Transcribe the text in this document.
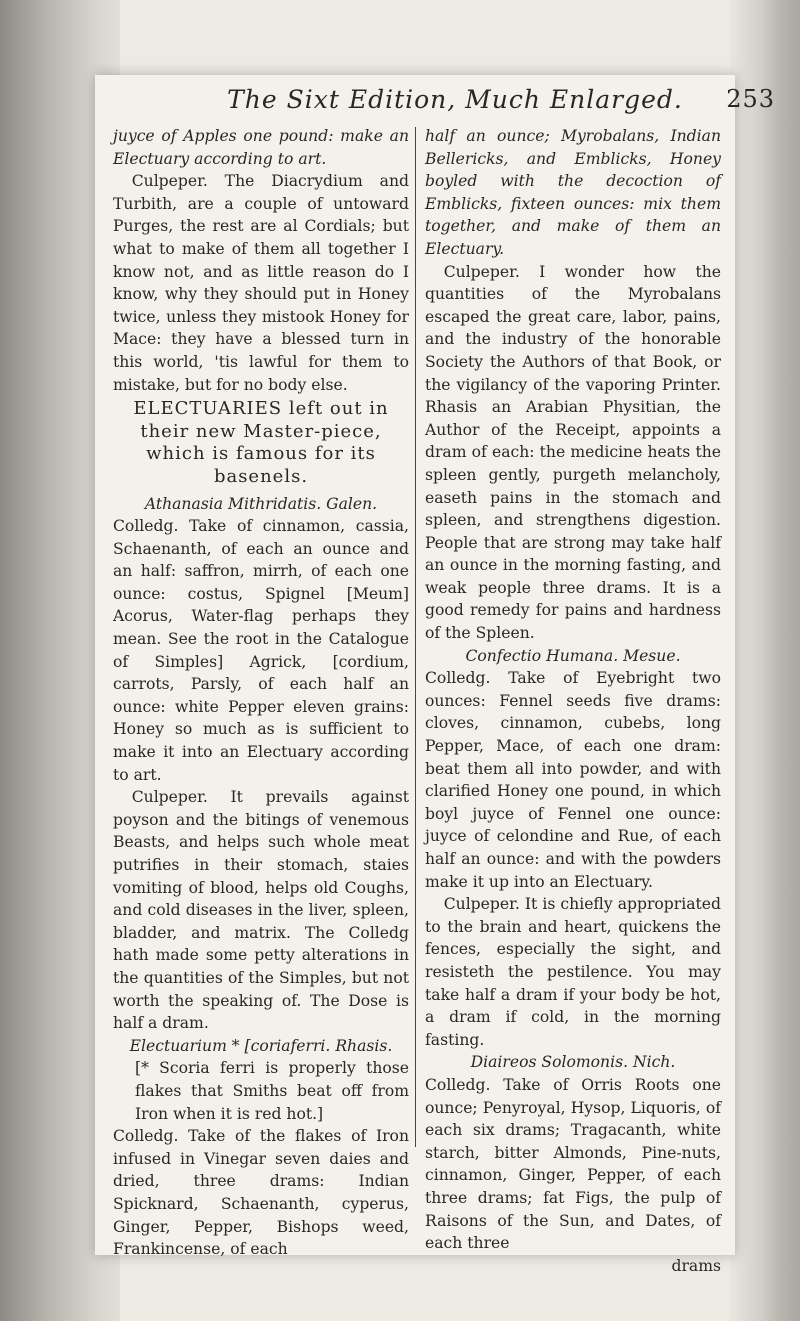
The Sixt Edition, Much Enlarged.	253

juyce of Apples one pound: make an Electuary according to art.

Culpeper. The Diacrydium and Turbith, are a couple of untoward Purges, the rest are al Cordials; but what to make of them all together I know not, and as little reason do I know, why they should put in Honey twice, unless they mistook Honey for Mace: they have a blessed turn in this world, 'tis lawful for them to mistake, but for no body else.

ELECTUARIES left out in their new Master-piece, which is famous for its basenels.

Athanasia Mithridatis. Galen.

Colledg. Take of cinnamon, cassia, Schaenanth, of each an ounce and an half: saffron, mirrh, of each one ounce: costus, Spignel [Meum] Acorus, Water-flag perhaps they mean. See the root in the Catalogue of Simples] Agrick, [cordium, carrots, Parsly, of each half an ounce: white Pepper eleven grains: Honey so much as is sufficient to make it into an Electuary according to art.

Culpeper. It prevails against poyson and the bitings of venemous Beasts, and helps such whole meat putrifies in their stomach, staies vomiting of blood, helps old Coughs, and cold diseases in the liver, spleen, bladder, and matrix. The Colledg hath made some petty alterations in the quantities of the Simples, but not worth the speaking of. The Dose is half a dram.

Electuarium * [coriaferri. Rhasis.

[* Scoria ferri is properly those flakes that Smiths beat off from Iron when it is red hot.]

Colledg. Take of the flakes of Iron infused in Vinegar seven daies and dried, three drams: Indian Spicknard, Schaenanth, cyperus, Ginger, Pepper, Bishops weed, Frankincense, of each

half an ounce; Myrobalans, Indian Bellericks, and Emblicks, Honey boyled with the decoction of Emblicks, fixteen ounces: mix them together, and make of them an Electuary.

Culpeper. I wonder how the quantities of the Myrobalans escaped the great care, labor, pains, and the industry of the honorable Society the Authors of that Book, or the vigilancy of the vaporing Printer. Rhasis an Arabian Physitian, the Author of the Receipt, appoints a dram of each: the medicine heats the spleen gently, purgeth melancholy, easeth pains in the stomach and spleen, and strengthens digestion. People that are strong may take half an ounce in the morning fasting, and weak people three drams. It is a good remedy for pains and hardness of the Spleen.

Confectio Humana. Mesue.

Colledg. Take of Eyebright two ounces: Fennel seeds five drams: cloves, cinnamon, cubebs, long Pepper, Mace, of each one dram: beat them all into powder, and with clarified Honey one pound, in which boyl juyce of Fennel one ounce: juyce of celondine and Rue, of each half an ounce: and with the powders make it up into an Electuary.

Culpeper. It is chiefly appropriated to the brain and heart, quickens the fences, especially the sight, and resisteth the pestilence. You may take half a dram if your body be hot, a dram if cold, in the morning fasting.

Diaireos Solomonis. Nich.

Colledg. Take of Orris Roots one ounce; Penyroyal, Hysop, Liquoris, of each six drams; Tragacanth, white starch, bitter Almonds, Pine-nuts, cinnamon, Ginger, Pepper, of each three drams; fat Figs, the pulp of Raisons of the Sun, and Dates, of each three

drams
